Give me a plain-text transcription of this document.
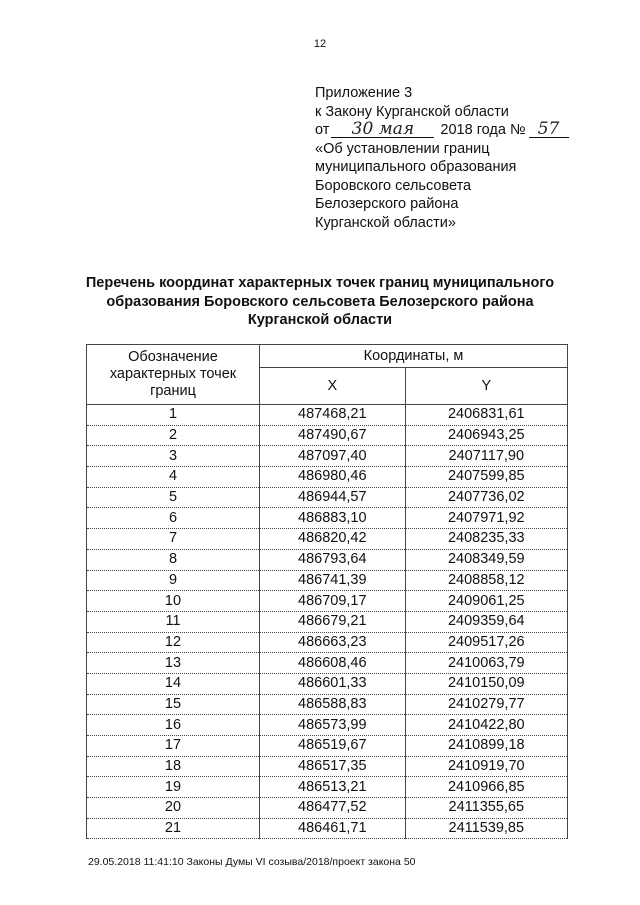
12
Приложение 3
к Закону Курганской области
от 30 мая 2018 года № 57
«Об установлении границ
муниципального образования
Боровского сельсовета
Белозерского района
Курганской области»
Перечень координат характерных точек границ муниципального
образования Боровского сельсовета Белозерского района
Курганской области
Обозначение характерных точек границ	Координаты, м	
	X	Y
1	487468,21	2406831,61
2	487490,67	2406943,25
3	487097,40	2407117,90
4	486980,46	2407599,85
5	486944,57	2407736,02
6	486883,10	2407971,92
7	486820,42	2408235,33
8	486793,64	2408349,59
9	486741,39	2408858,12
10	486709,17	2409061,25
11	486679,21	2409359,64
12	486663,23	2409517,26
13	486608,46	2410063,79
14	486601,33	2410150,09
15	486588,83	2410279,77
16	486573,99	2410422,80
17	486519,67	2410899,18
18	486517,35	2410919,70
19	486513,21	2410966,85
20	486477,52	2411355,65
21	486461,71	2411539,85
29.05.2018 11:41:10 Законы Думы VI созыва/2018/проект закона 50
